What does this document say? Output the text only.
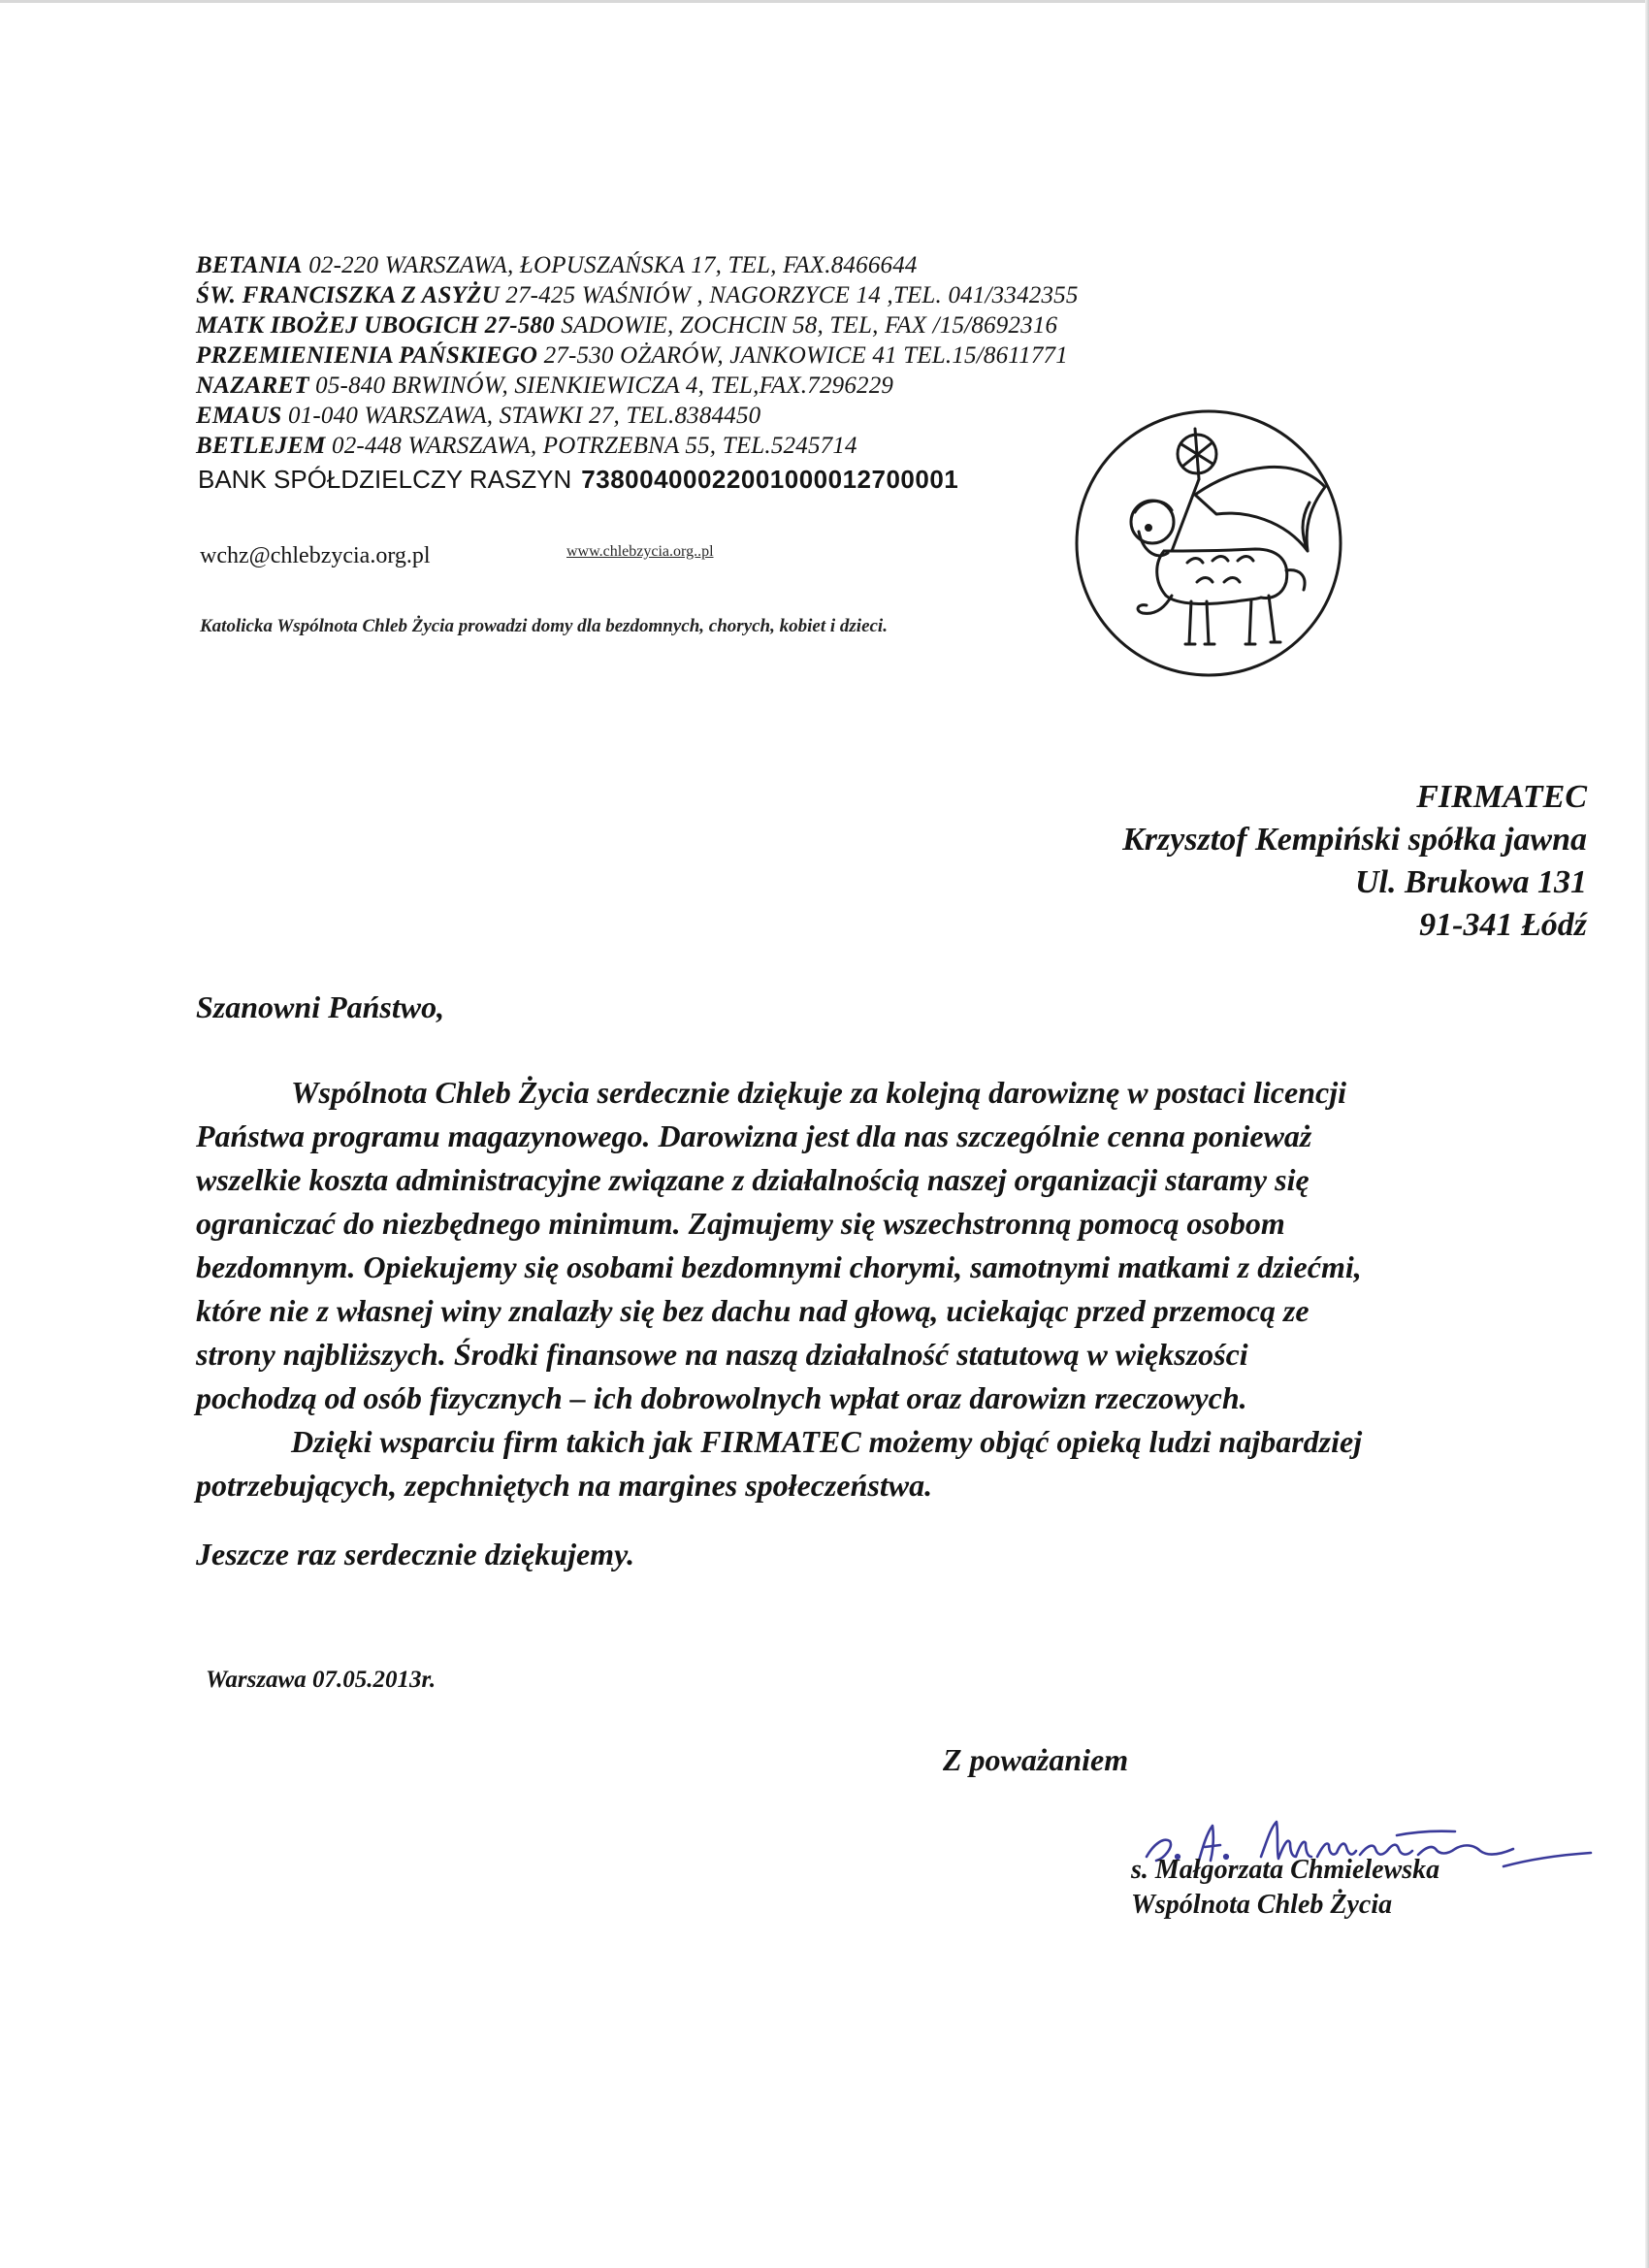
BETANIA 02-220 WARSZAWA, ŁOPUSZAŃSKA 17, TEL, FAX.8466644
ŚW. FRANCISZKA Z ASYŻU 27-425 WAŚNIÓW , NAGORZYCE 14 ,TEL. 041/3342355
MATK IBOŻEJ UBOGICH 27-580 SADOWIE, ZOCHCIN 58, TEL, FAX /15/8692316
PRZEMIENIENIA PAŃSKIEGO 27-530 OŻARÓW, JANKOWICE 41 TEL.15/8611771
NAZARET 05-840 BRWINÓW, SIENKIEWICZA 4, TEL,FAX.7296229
EMAUS 01-040 WARSZAWA, STAWKI 27, TEL.8384450
BETLEJEM 02-448 WARSZAWA, POTRZEBNA 55, TEL.5245714
BANK SPÓŁDZIELCZY RASZYN 73800400022001000012700001
wchz@chlebzycia.org.pl	www.chlebzycia.org..pl
Katolicka Wspólnota Chleb Życia prowadzi domy dla bezdomnych, chorych, kobiet i dzieci.
FIRMATEC
Krzysztof Kempiński spółka jawna
Ul. Brukowa 131
91-341 Łódź
Szanowni Państwo,
Wspólnota Chleb Życia serdecznie dziękuje za kolejną darowiznę w postaci licencji
Państwa programu magazynowego. Darowizna jest dla nas szczególnie cenna ponieważ
wszelkie koszta administracyjne związane z działalnością naszej organizacji staramy się
ograniczać do niezbędnego minimum. Zajmujemy się wszechstronną pomocą osobom
bezdomnym. Opiekujemy się osobami bezdomnymi chorymi, samotnymi matkami z dziećmi,
które nie z własnej winy znalazły się bez dachu nad głową, uciekając przed przemocą ze
strony najbliższych. Środki finansowe na naszą działalność statutową w większości
pochodzą od osób fizycznych – ich dobrowolnych wpłat oraz darowizn rzeczowych.
Dzięki wsparciu firm takich jak FIRMATEC możemy objąć opieką ludzi najbardziej
potrzebujących, zepchniętych na margines społeczeństwa.
Jeszcze raz serdecznie dziękujemy.
Warszawa 07.05.2013r.
Z poważaniem
s. Małgorzata Chmielewska
Wspólnota Chleb Życia
